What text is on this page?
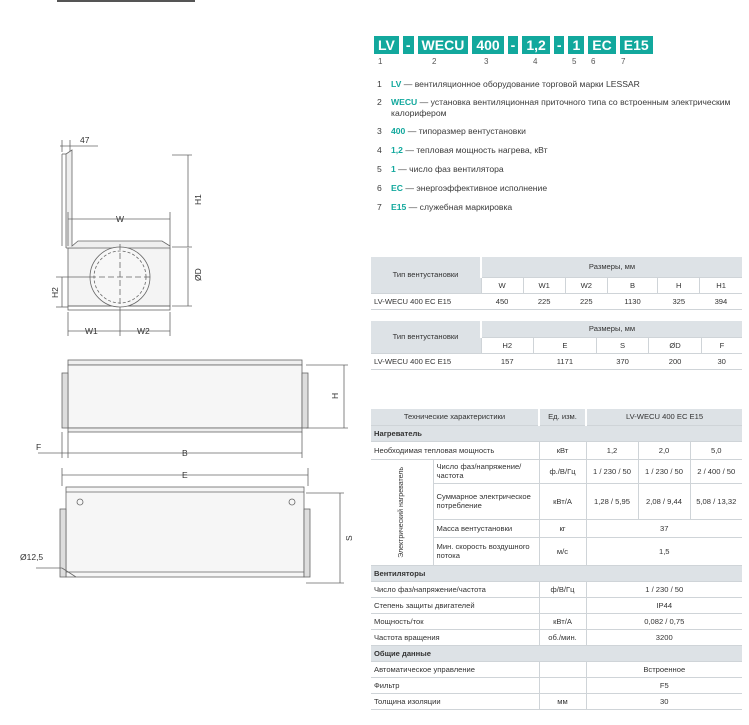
47
W
H1
ØD
H2
W1	W2
H
F
B
E
S
Ø12,5
LV - WECU 400 - 1,2 - 1 EC E15
1	2	3	4	5 6	7
1 LV — вентиляционное оборудование торговой марки LESSAR
2 WECU — установка вентиляционная приточного типа со встроенным электрическим калорифером
3 400 — типоразмер вентустановки
4 1,2 — тепловая мощность нагрева, кВт
5 1 — число фаз вентилятора
6 EC — энергоэффективное исполнение
7 E15 — служебная маркировка
Тип вентустановки	Размеры, мм					
	W	W1	W2	B	H	H1
LV-WECU 400 EC E15	450	225	225	1130	325	394
Тип вентустановки	Размеры, мм				
	H2	E	S	ØD	F
LV-WECU 400 EC E15	157	1171	370	200	30
Технические характеристики		Ед. изм.	LV-WECU 400 EC E15		
Нагреватель					
Необходимая тепловая мощность		кВт	1,2	2,0	5,0

Электрический нагреватель	Число фаз/напряжение/ частота	ф./В/Гц	1 / 230 / 50	1 / 230 / 50	2 / 400 / 50
	Суммарное электрическое потребление	кВт/А	1,28 / 5,95	2,08 / 9,44	5,08 / 13,32
	Масса вентустановки	кг	37		
	Мин. скорость воздушного потока	м/с	1,5		
Вентиляторы					
Число фаз/напряжение/частота		ф/В/Гц	1 / 230 / 50		
Степень защиты двигателей			IP44		
Мощность/ток		кВт/А	0,082 / 0,75		
Частота вращения		об./мин.	3200		
Общие данные					
Автоматическое управление			Встроенное		
Фильтр			F5		
Толщина изоляции		мм	30		
